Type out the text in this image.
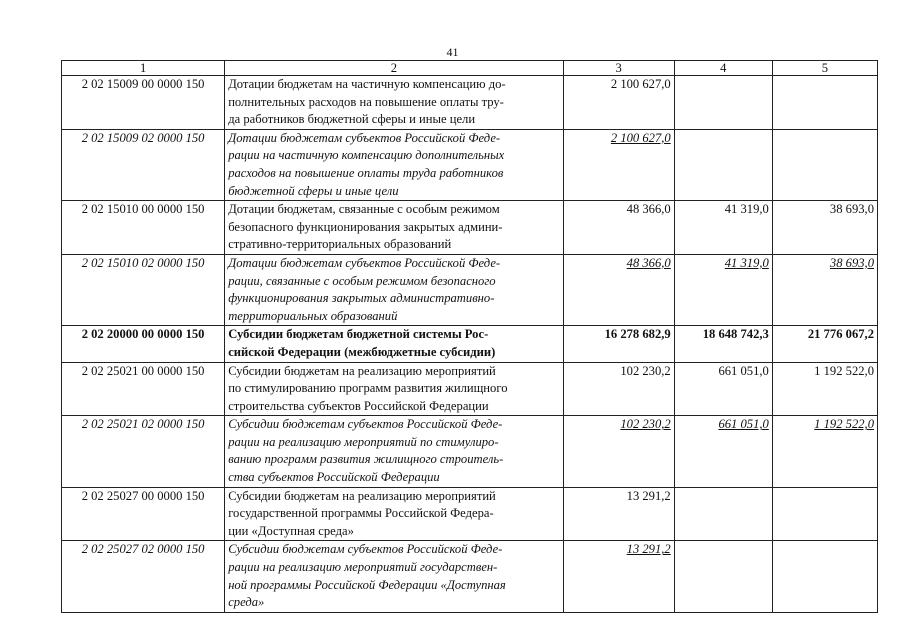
41
1	2	3	4	5
2 02 15009 00 0000 150	Дотации бюджетам на частичную компенсацию до-
полнительных расходов на повышение оплаты тру-
да работников бюджетной сферы и иные цели	2 100 627,0		
2 02 15009 02 0000 150	Дотации бюджетам субъектов Российской Феде-
рации на частичную компенсацию дополнительных
расходов на повышение оплаты труда работников
бюджетной сферы и иные цели	2 100 627,0		
2 02 15010 00 0000 150	Дотации бюджетам, связанные с особым режимом
безопасного функционирования закрытых админи-
стративно-территориальных образований	48 366,0	41 319,0	38 693,0
2 02 15010 02 0000 150	Дотации бюджетам субъектов Российской Феде-
рации, связанные с особым режимом безопасного
функционирования закрытых административно-
территориальных образований	48 366,0	41 319,0	38 693,0
2 02 20000 00 0000 150	Субсидии бюджетам бюджетной системы Рос-
сийской Федерации (межбюджетные субсидии)	16 278 682,9	18 648 742,3	21 776 067,2
2 02 25021 00 0000 150	Субсидии бюджетам на реализацию мероприятий
по стимулированию программ развития жилищного
строительства субъектов Российской Федерации	102 230,2	661 051,0	1 192 522,0
2 02 25021 02 0000 150	Субсидии бюджетам субъектов Российской Феде-
рации на реализацию мероприятий по стимулиро-
ванию программ развития жилищного строитель-
ства субъектов Российской Федерации	102 230,2	661 051,0	1 192 522,0
2 02 25027 00 0000 150	Субсидии бюджетам на реализацию мероприятий
государственной программы Российской Федера-
ции «Доступная среда»	13 291,2		
2 02 25027 02 0000 150	Субсидии бюджетам субъектов Российской Феде-
рации на реализацию мероприятий государствен-
ной программы Российской Федерации «Доступная
среда»	13 291,2		
